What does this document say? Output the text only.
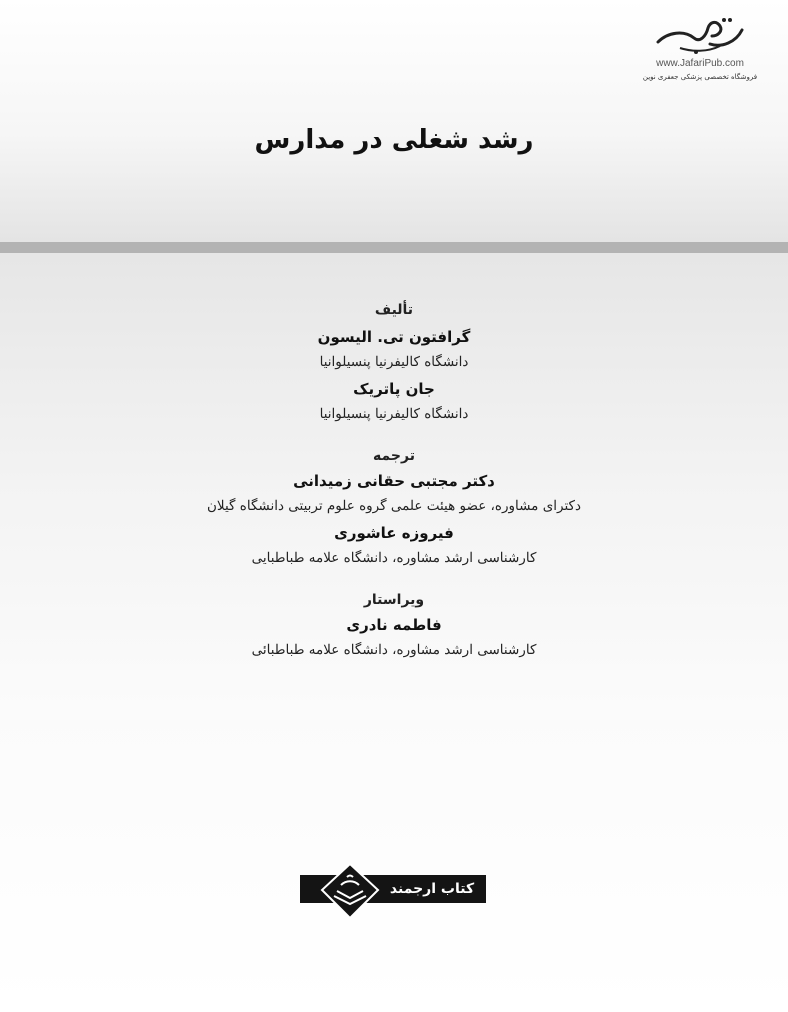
www.JafariPub.com
فروشگاه تخصصی پزشکی جعفری نوین
رشد شغلی در مدارس

تألیف

گرافتون تی. الیسون

دانشگاه کالیفرنیا پنسیلوانیا

جان پاتریک

دانشگاه کالیفرنیا پنسیلوانیا

ترجمه

دکتر مجتبی حقانی زمیدانی

دکترای مشاوره، عضو هیئت علمی گروه علوم تربیتی دانشگاه گیلان

فیروزه عاشوری

کارشناسی ارشد مشاوره، دانشگاه علامه طباطبایی

ویراستار

فاطمه نادری

کارشناسی ارشد مشاوره، دانشگاه علامه طباطبائی

کتاب ارجمند
